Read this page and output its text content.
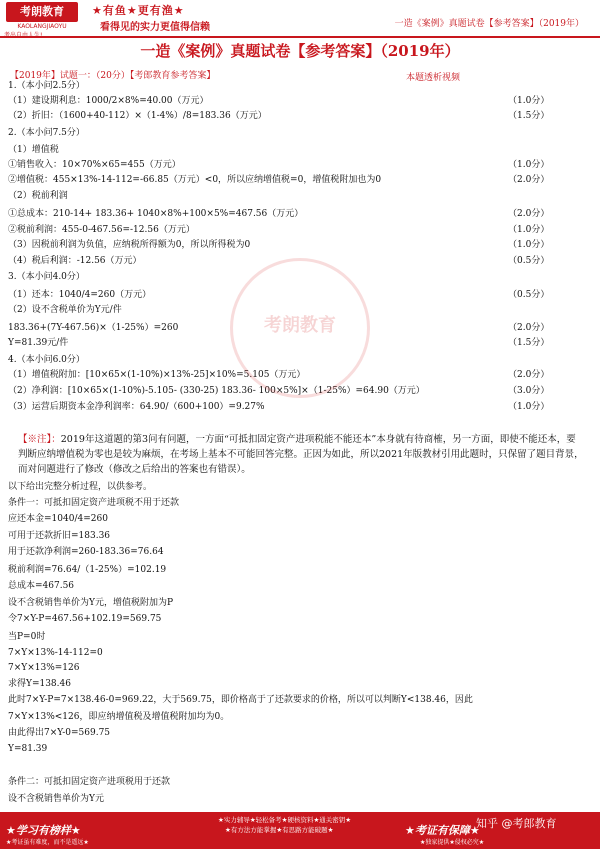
考朗教育
KAOLANGJIAOYU
★有鱼★更有渔★
看得见的实力更值得信赖	一造《案例》真题试卷【参考答案】（2019年）
一造《案例》真题试卷【参考答案】（2019年）
【2019年】试题一：（20分）【考郎教育参考答案】	本题透析视频
1.（本小问2.5分）
（1）建设期利息：1000/2×8%=40.00（万元）	（1.0分）
（2）折旧：（1600+40-112）×（1-4%）/8=183.36（万元）	（1.5分）
2.（本小问7.5分）
（1）增值税
①销售收入：10×70%×65=455（万元）	（1.0分）
②增值税：455×13%-14-112=-66.85（万元）<0，所以应纳增值税=0，增值税附加也为0	（2.0分）
（2）税前利润
①总成本：210-14+ 183.36+ 1040×8%+100×5%=467.56（万元）	（2.0分）
②税前利润：455-0-467.56=-12.56（万元）	（1.0分）
（3）因税前利润为负值，应纳税所得额为0，所以所得税为0	（1.0分）
（4）税后利润：-12.56（万元）	（0.5分）
3.（本小问4.0分）
（1）还本：1040/4=260（万元）	（0.5分）
（2）设不含税单价为Y元/件
183.36+(7Y-467.56)×（1-25%）=260	（2.0分）
Y=81.39元/件	（1.5分）
4.（本小问6.0分）
（1）增值税附加：[10×65×(1-10%)×13%-25]×10%=5.105（万元）	（2.0分）
（2）净利润：[10×65×(1-10%)-5.105- (330-25) 183.36- 100×5%]×（1-25%）=64.90（万元）	（3.0分）
（3）运营后期资本金净利润率：64.90/（600+100）=9.27%	（1.0分）
考朗教育
【※注】：2019年这道题的第3问有问题，一方面“可抵扣固定资产进项税能不能还本”本身就有待商榷，另一方面，即使不能还本，要判断应纳增值税为零也是较为麻烦，在考场上基本不可能回答完整。正因为如此，所以2021年版教材引用此题时，只保留了题目背景，而对问题进行了修改（修改之后给出的答案也有错误）。
以下给出完整分析过程，以供参考。
条件一：可抵扣固定资产进项税不用于还款
应还本金=1040/4=260
可用于还款折旧=183.36
用于还款净利润=260-183.36=76.64
税前利润=76.64/（1-25%）=102.19
总成本=467.56
设不含税销售单价为Y元，增值税附加为P
令7×Y-P=467.56+102.19=569.75
当P=0时
7×Y×13%-14-112=0
7×Y×13%=126
求得Y=138.46
此时7×Y-P=7×138.46-0=969.22，大于569.75，即价格高于了还款要求的价格，所以可以判断Y<138.46，因此
7×Y×13%<126，即应纳增值税及增值税附加均为0。
由此得出7×Y-0=569.75
Y=81.39
条件二：可抵扣固定资产进项税用于还款
设不含税销售单价为Y元
★学习有榜样★
★考证虽有难度，而不是遥远★
★实力辅导★轻松备考★硬核资料★通关密钥★
★有方法方能掌握★有思路方能破题★	★考证有保障★
★独家提供★侵权必究★
知乎 @考郎教育
